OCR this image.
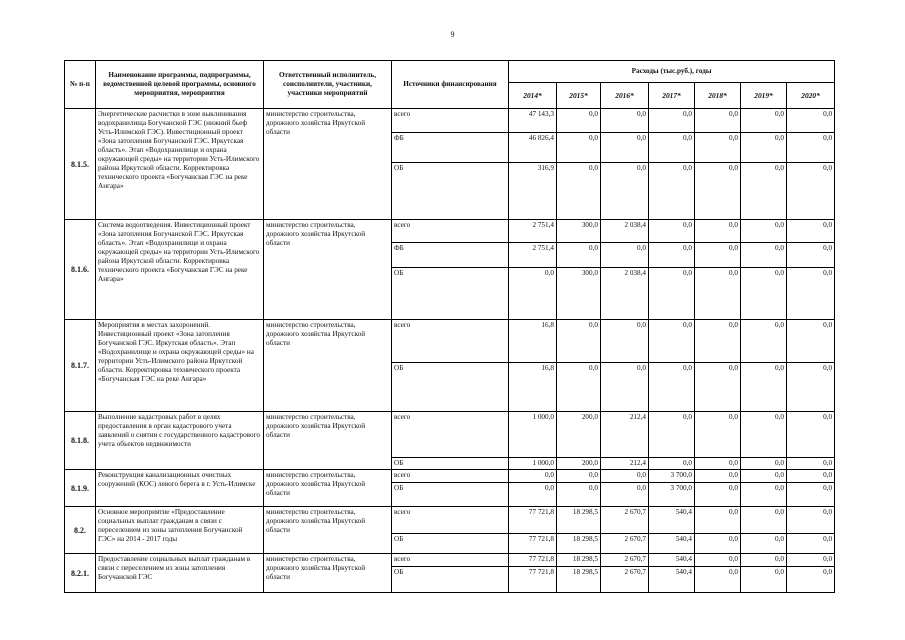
9
№ п-п	Наименование программы, подпрограммы, ведомственной целевой программы, основного мероприятия, мероприятия	Ответственный исполнитель, соисполнители, участники, участники мероприятий	Источники финансирования	Расходы (тыс.руб.), годы						
				2014*	2015*	2016*	2017*	2018*	2019*	2020*
8.1.5.	Энергетические расчистки в зоне выклинивания водохранилища Богучанской ГЭС (нижний бьеф Усть-Илимской ГЭС). Инвестиционный проект «Зона затопления Богучанской ГЭС. Иркутская область». Этап «Водохранилище и охрана окружающей среды» на территории Усть-Илимского района Иркутской области. Корректировка технического проекта «Богучанская ГЭС на реке Ангара»	министерство строительства, дорожного хозяйства Иркутской области	всего	47 143,3	0,0	0,0	0,0	0,0	0,0	0,0
			ФБ	46 826,4	0,0	0,0	0,0	0,0	0,0	0,0
			ОБ	316,9	0,0	0,0	0,0	0,0	0,0	0,0
8.1.6.	Система водоотведения. Инвестиционный проект «Зона затопления Богучанской ГЭС. Иркутская область». Этап «Водохранилище и охрана окружающей среды» на территории Усть-Илимского района Иркутской области. Корректировка технического проекта «Богучанская ГЭС на реке Ангара»	министерство строительства, дорожного хозяйства Иркутской области	всего	2 751,4	300,0	2 038,4	0,0	0,0	0,0	0,0
			ФБ	2 751,4	0,0	0,0	0,0	0,0	0,0	0,0
			ОБ	0,0	300,0	2 038,4	0,0	0,0	0,0	0,0
8.1.7.	Мероприятия в местах захоронений. Инвестиционный проект «Зона затопления Богучанской ГЭС. Иркутская область». Этап «Водохранилище и охрана окружающей среды» на территории Усть-Илимского района Иркутской области. Корректировка технического проекта «Богучанская ГЭС на реке Ангара»	министерство строительства, дорожного хозяйства Иркутской области	всего	16,8	0,0	0,0	0,0	0,0	0,0	0,0
			ОБ	16,8	0,0	0,0	0,0	0,0	0,0	0,0
8.1.8.	Выполнение кадастровых работ в целях предоставления в орган кадастрового учета заявлений о снятии с государственного кадастрового учета объектов недвижимости	министерство строительства, дорожного хозяйства Иркутской области	всего	1 000,0	200,0	212,4	0,0	0,0	0,0	0,0
			ОБ	1 000,0	200,0	212,4	0,0	0,0	0,0	0,0
8.1.9.	Реконструкция канализационных очистных сооружений (КОС) левого берега в г. Усть-Илимске	министерство строительства, дорожного хозяйства Иркутской области	всего	0,0	0,0	0,0	3 700,0	0,0	0,0	0,0
			ОБ	0,0	0,0	0,0	3 700,0	0,0	0,0	0,0
8.2.	Основное мероприятие «Предоставление социальных выплат гражданам в связи с переселением из зоны затопления Богучанской ГЭС» на 2014 - 2017 годы	министерство строительства, дорожного хозяйства Иркутской области	всего	77 721,8	18 298,5	2 670,7	540,4	0,0	0,0	0,0
			ОБ	77 721,8	18 298,5	2 670,7	540,4	0,0	0,0	0,0
8.2.1.	Предоставление социальных выплат гражданам в связи с переселением из зоны затопления Богучанской ГЭС	министерство строительства, дорожного хозяйства Иркутской области	всего	77 721,8	18 298,5	2 670,7	540,4	0,0	0,0	0,0
			ОБ	77 721,8	18 298,5	2 670,7	540,4	0,0	0,0	0,0
